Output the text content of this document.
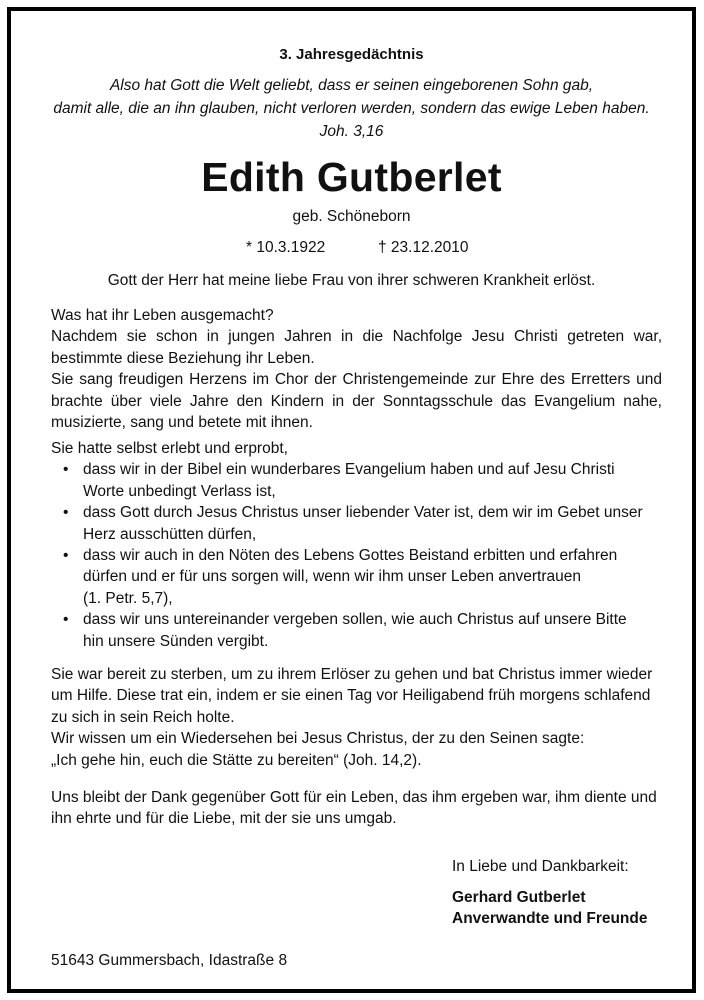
3. Jahresgedächtnis
Also hat Gott die Welt geliebt, dass er seinen eingeborenen Sohn gab,
damit alle, die an ihn glauben, nicht verloren werden, sondern das ewige Leben haben.
Joh. 3,16
Edith Gutberlet
geb. Schöneborn
* 10.3.1922	† 23.12.2010
Gott der Herr hat meine liebe Frau von ihrer schweren Krankheit erlöst.
Was hat ihr Leben ausgemacht?
Nachdem sie schon in jungen Jahren in die Nachfolge Jesu Christi getreten war,
bestimmte diese Beziehung ihr Leben.
Sie sang freudigen Herzens im Chor der Christengemeinde zur Ehre des Erretters und
brachte über viele Jahre den Kindern in der Sonntagsschule das Evangelium nahe,
musizierte, sang und betete mit ihnen.
Sie hatte selbst erlebt und erprobt,
• dass wir in der Bibel ein wunderbares Evangelium haben und auf Jesu Christi
Worte unbedingt Verlass ist,
• dass Gott durch Jesus Christus unser liebender Vater ist, dem wir im Gebet unser
Herz ausschütten dürfen,
• dass wir auch in den Nöten des Lebens Gottes Beistand erbitten und erfahren
dürfen und er für uns sorgen will, wenn wir ihm unser Leben anvertrauen
(1. Petr. 5,7),
• dass wir uns untereinander vergeben sollen, wie auch Christus auf unsere Bitte
hin unsere Sünden vergibt.
Sie war bereit zu sterben, um zu ihrem Erlöser zu gehen und bat Christus immer wieder
um Hilfe. Diese trat ein, indem er sie einen Tag vor Heiligabend früh morgens schlafend
zu sich in sein Reich holte.
Wir wissen um ein Wiedersehen bei Jesus Christus, der zu den Seinen sagte:
„Ich gehe hin, euch die Stätte zu bereiten“ (Joh. 14,2).
Uns bleibt der Dank gegenüber Gott für ein Leben, das ihm ergeben war, ihm diente und
ihn ehrte und für die Liebe, mit der sie uns umgab.
In Liebe und Dankbarkeit:
Gerhard Gutberlet
Anverwandte und Freunde
51643 Gummersbach, Idastraße 8
